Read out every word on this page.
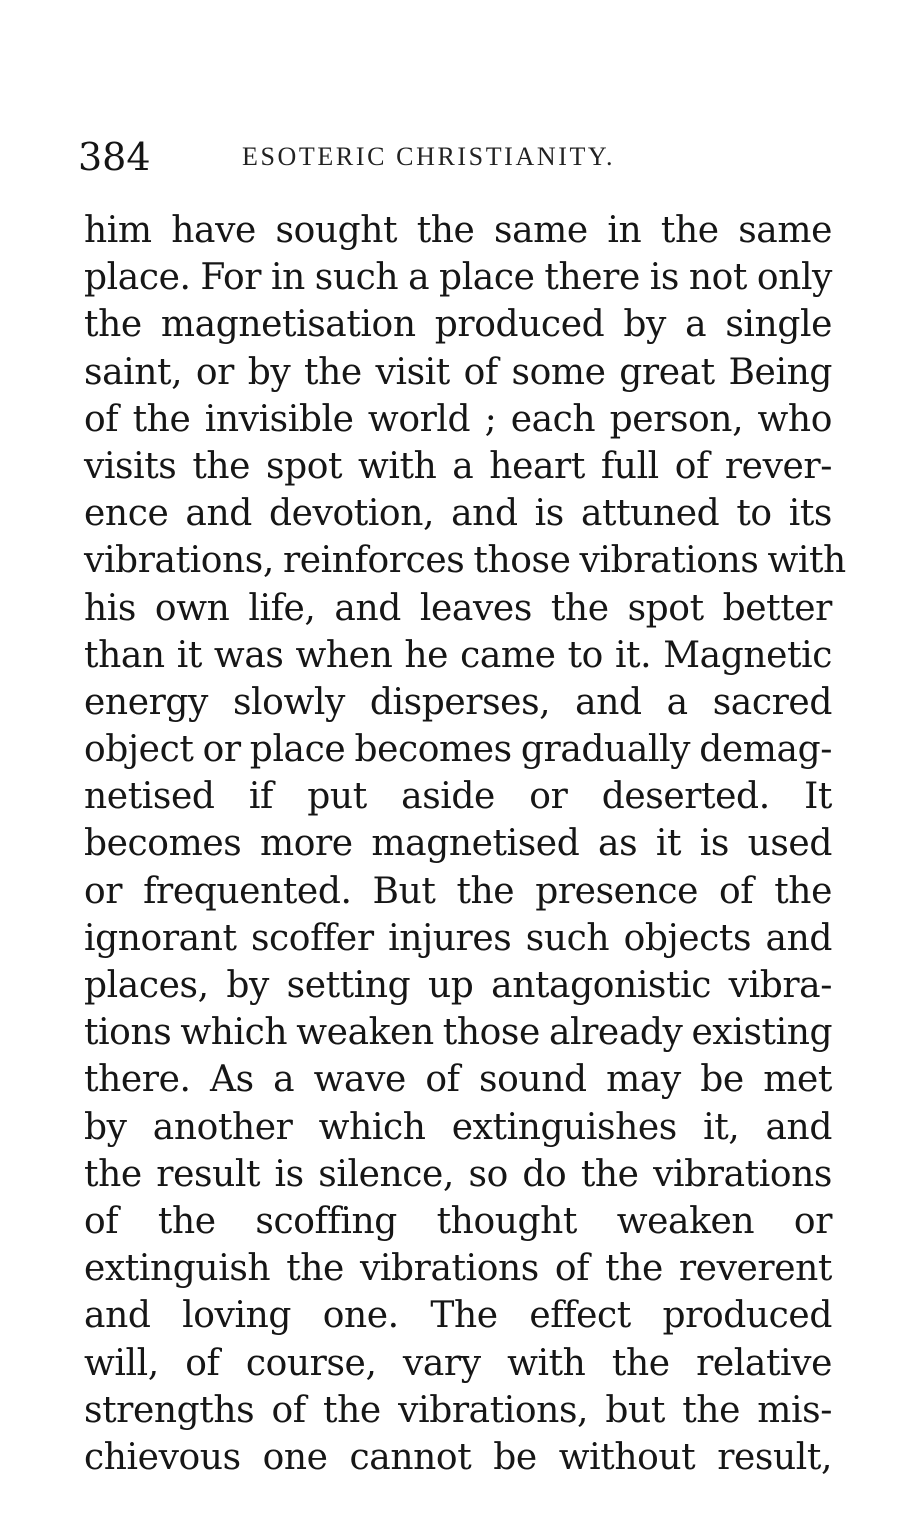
384	ESOTERIC CHRISTIANITY.
him have sought the same in the same
place. For in such a place there is not only
the magnetisation produced by a single
saint, or by the visit of some great Being
of the invisible world ; each person, who
visits the spot with a heart full of rever-
ence and devotion, and is attuned to its
vibrations, reinforces those vibrations with
his own life, and leaves the spot better
than it was when he came to it. Magnetic
energy slowly disperses, and a sacred
object or place becomes gradually demag-
netised if put aside or deserted. It
becomes more magnetised as it is used
or frequented. But the presence of the
ignorant scoffer injures such objects and
places, by setting up antagonistic vibra-
tions which weaken those already existing
there. As a wave of sound may be met
by another which extinguishes it, and
the result is silence, so do the vibrations
of the scoffing thought weaken or
extinguish the vibrations of the reverent
and loving one. The effect produced
will, of course, vary with the relative
strengths of the vibrations, but the mis-
chievous one cannot be without result,
